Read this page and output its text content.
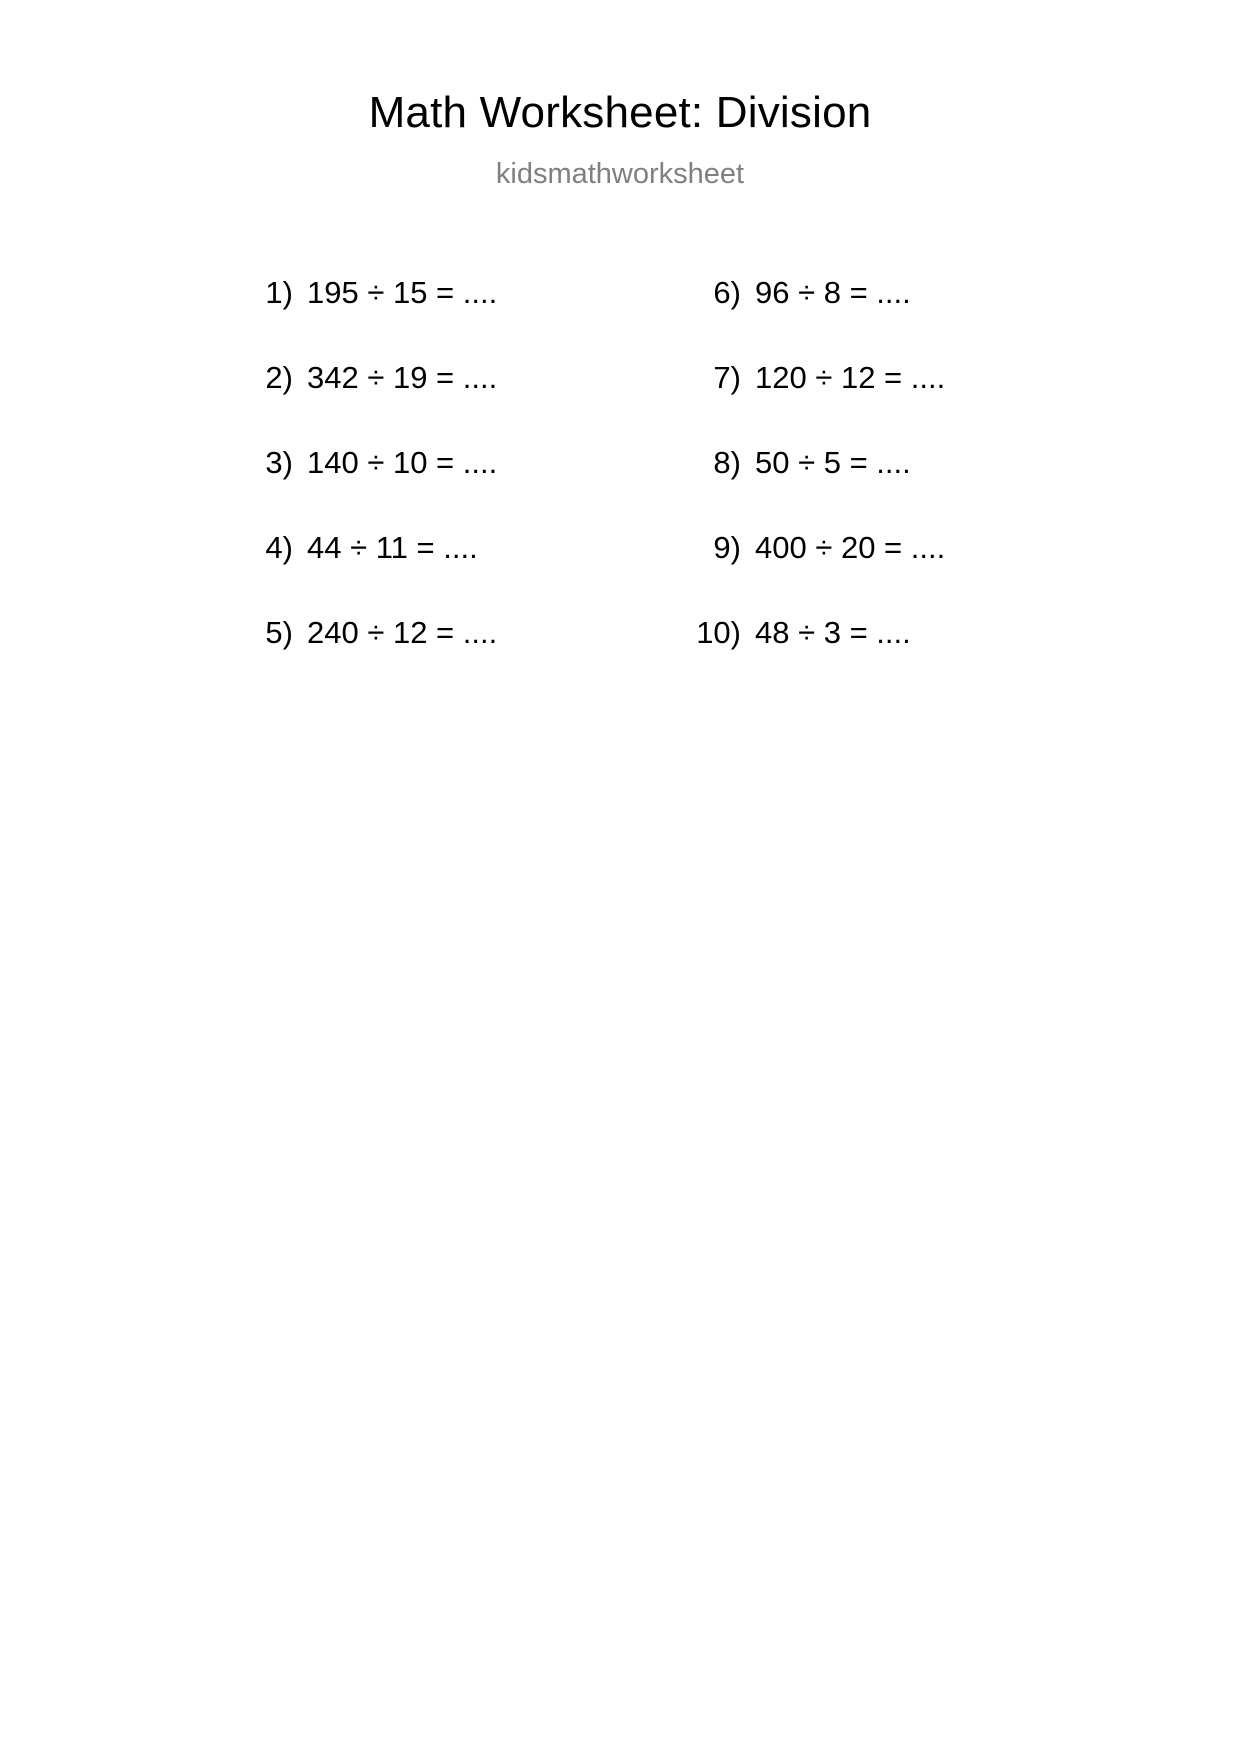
Math Worksheet: Division
kidsmathworksheet
1) 195 ÷ 15 = ....
2) 342 ÷ 19 = ....
3) 140 ÷ 10 = ....
4) 44 ÷ 11 = ....
5) 240 ÷ 12 = ....
6) 96 ÷ 8 = ....
7) 120 ÷ 12 = ....
8) 50 ÷ 5 = ....
9) 400 ÷ 20 = ....
10) 48 ÷ 3 = ....
